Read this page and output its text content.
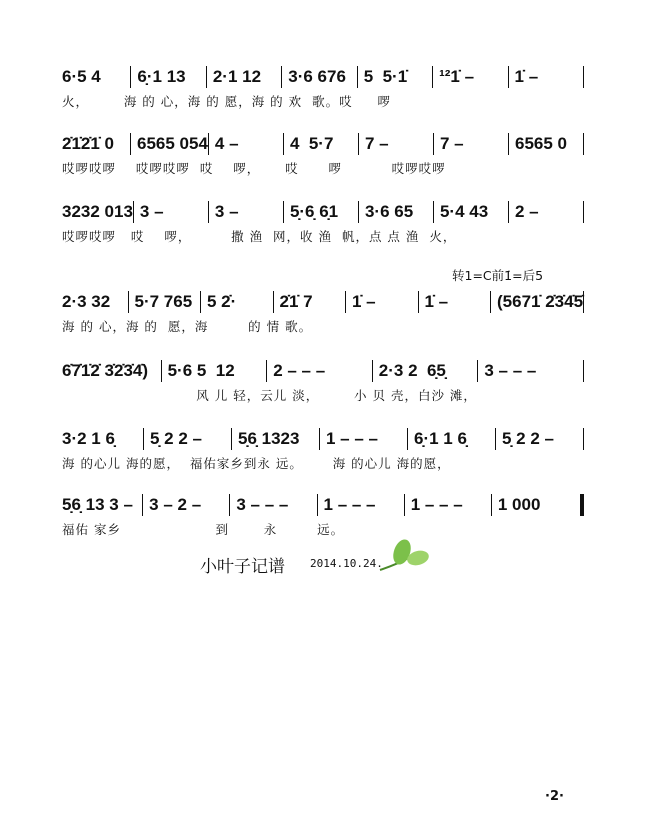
6·5 4	6̣·1 13	2·1 12	3·6 676	5  5·1̇	¹²1̇ –	1̇ –
火，       海 的 心，海 的 愿，海 的 欢  歌。哎     啰
2̇1̇2̇1̇ 0	6565 054 4 –	4  5·7	7 –	7 –	6565 0
哎啰哎啰    哎啰哎啰  哎    啰，     哎      啰          哎啰哎啰
3232 013 3 –	3 –	5̣·6̣ 6̣1	3·6 65	5·4 43	2 –
哎啰哎啰   哎    啰，        撒 渔  网，收 渔  帆，点 点 渔  火，
2·3 32	5·7 765 5 2̇·	2̇1̇ 7	1̇ –	1̇ –	(5671̇ 2̇3̇4̇5̇
海 的 心，海 的  愿，海        的 情 歌。
6̇7̇1̇2̇ 3̇2̇3̇4̇)	5·6 5  12	2 – – –	2·3 2  6̣5̣	3 – – –
风 儿 轻，云儿 淡，       小 贝 壳，白沙 滩，
3·2 1 6̣	5̣ 2 2 –	5̣6̣ 1323	1 – – –	6̣·1 1 6̣	5̣ 2 2 –
海 的心儿 海的愿，  福佑家乡到永 远。      海 的心儿 海的愿，
5̣6̣ 13 3 – 3 – 2 –	3 – – –	1 – – –	1 – – –	1 000
福佑 家乡                   到       永        远。
转1=C前1̇=后5
小叶子记谱 2014.10.24.
·2·
